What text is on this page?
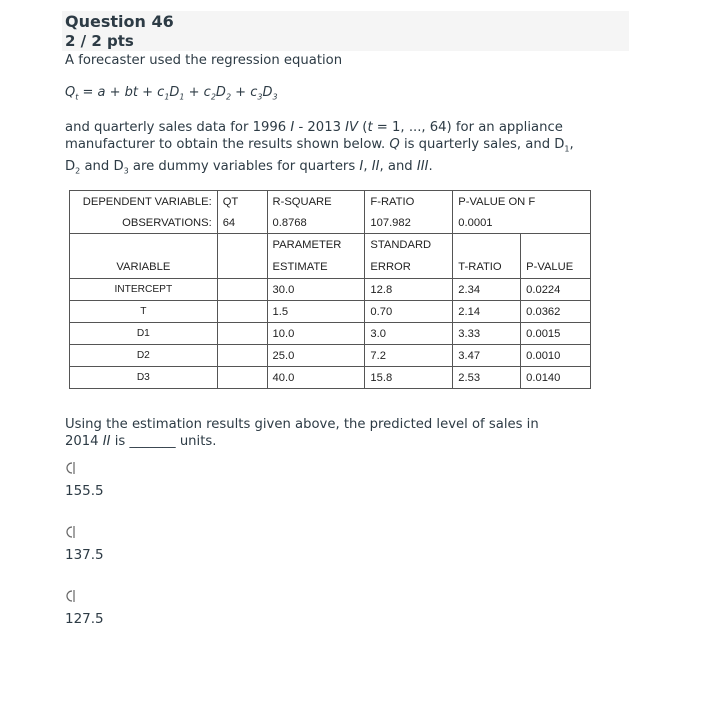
Question 46
2 / 2 pts
A forecaster used the regression equation
$Q_t = a$ + bt + $c_1D_1 + c_2D_2 + c_3D_3$
and quarterly sales data for 1996 I - 2013 IV (t = 1, ..., 64) for an appliance
manufacturer to obtain the results shown below. Q is quarterly sales, and $D_1$,
$D_2$ and $D_3$ are dummy variables for quarters I, II, and III.
DEPENDENT VARIABLE:	QT	R-SQUARE	F-RATIO	P-VALUE ON F	
OBSERVATIONS:	64	0.8768	107.982	0.0001	
		PARAMETER	STANDARD		
VARIABLE		ESTIMATE	ERROR	T-RATIO	P-VALUE
INTERCEPT		30.0	12.8	2.34	0.0224
T		1.5	0.70	2.14	0.0362
D1		10.0	3.0	3.33	0.0015
D2		25.0	7.2	3.47	0.0010
D3		40.0	15.8	2.53	0.0140
Using the estimation results given above, the predicted level of sales in
2014 II is _______ units.
155.5
137.5
127.5
